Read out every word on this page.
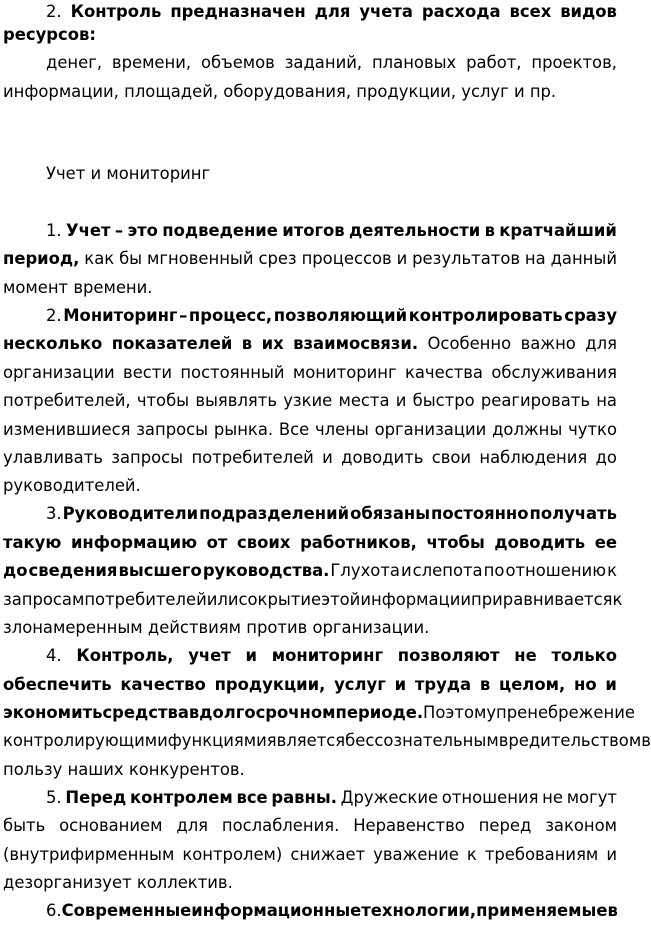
2. Контроль предназначен для учета расхода всех видов
ресурсов:
денег, времени, объемов заданий, плановых работ, проектов,
информации, площадей, оборудования, продукции, услуг и пр.
Учет и мониторинг
1. Учет – это подведение итогов деятельности в кратчайший
период, как бы мгновенный срез процессов и результатов на данный
момент времени.
2. Мониторинг – процесс, позволяющий контролировать сразу
несколько показателей в их взаимосвязи. Особенно важно для
организации вести постоянный мониторинг качества обслуживания
потребителей, чтобы выявлять узкие места и быстро реагировать на
изменившиеся запросы рынка. Все члены организации должны чутко
улавливать запросы потребителей и доводить свои наблюдения до
руководителей.
3. Руководители подразделений обязаны постоянно получать
такую информацию от своих работников, чтобы доводить ее
до сведения высшего руководства. Глухота и слепота по отношению к
запросам потребителей или сокрытие этой информации приравнивается к
злонамеренным действиям против организации.
4. Контроль, учет и мониторинг позволяют не только
обеспечить качество продукции, услуг и труда в целом, но и
экономить средства в долгосрочном периоде. Поэтому пренебрежение
контролирующими функциями является бессознательным вредительством в
пользу наших конкурентов.
5. Перед контролем все равны. Дружеские отношения не могут
быть основанием для послабления. Неравенство перед законом
(внутрифирменным контролем) снижает уважение к требованиям и
дезорганизует коллектив.
6. Современные информационные технологии, применяемые в
